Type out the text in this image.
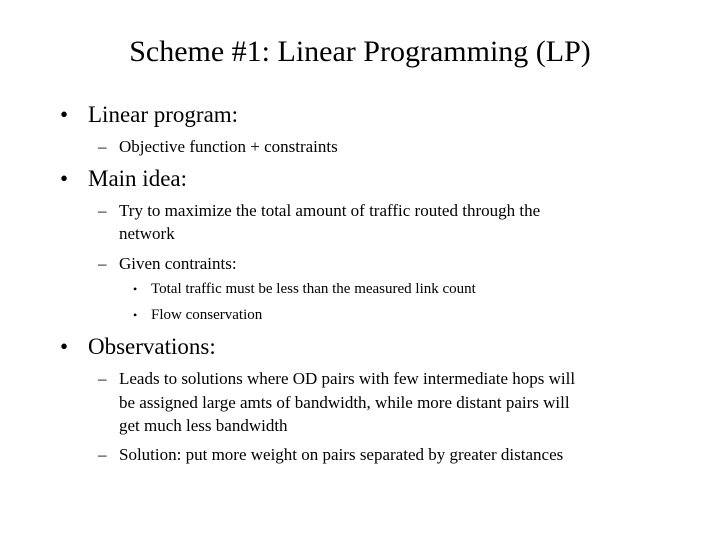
Scheme #1: Linear Programming (LP)
• Linear program:
– Objective function + constraints
• Main idea:
– Try to maximize the total amount of traffic routed through the
network
– Given contraints:
• Total traffic must be less than the measured link count
• Flow conservation
• Observations:
– Leads to solutions where OD pairs with few intermediate hops will
be assigned large amts of bandwidth, while more distant pairs will
get much less bandwidth
– Solution: put more weight on pairs separated by greater distances
